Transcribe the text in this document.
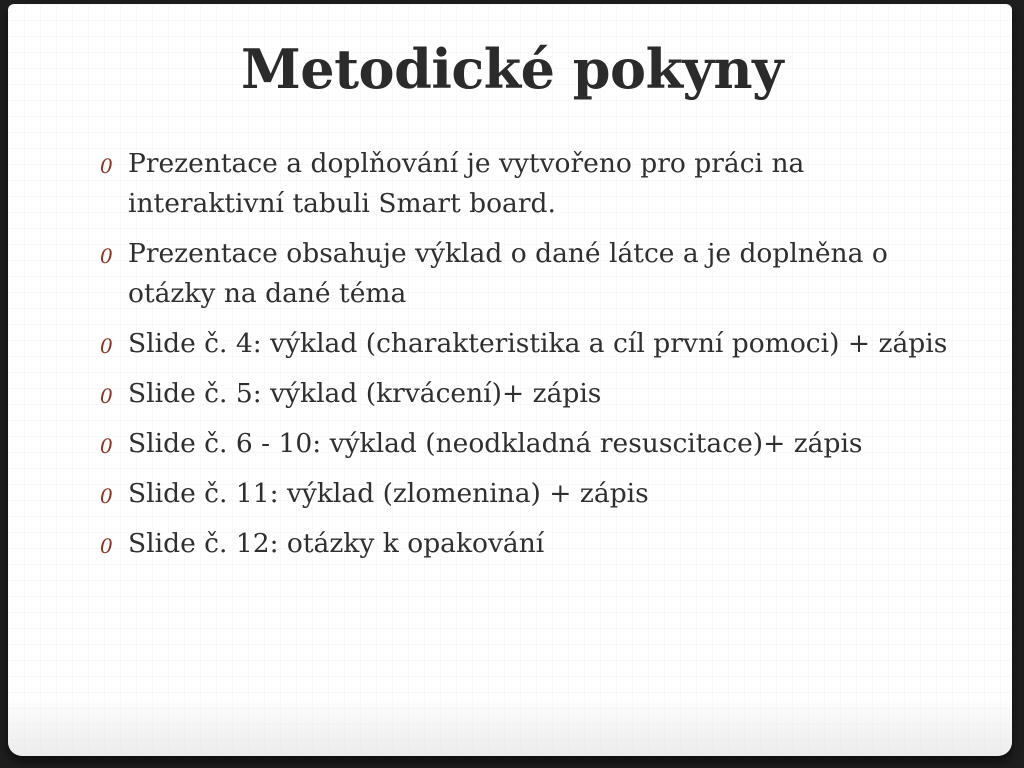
Metodické pokyny
0 Prezentace a doplňování je vytvořeno pro práci na interaktivní tabuli Smart board.
0 Prezentace obsahuje výklad o dané látce a je doplněna o otázky na dané téma
0 Slide č. 4: výklad (charakteristika a cíl první pomoci) + zápis
0 Slide č. 5: výklad (krvácení)+ zápis
0 Slide č. 6 - 10: výklad (neodkladná resuscitace)+ zápis
0 Slide č. 11: výklad (zlomenina) + zápis
0 Slide č. 12: otázky k opakování
